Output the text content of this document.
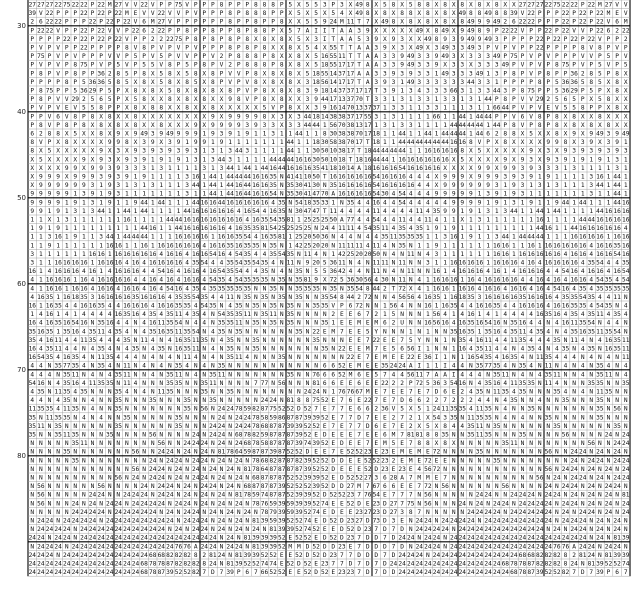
27 27 27 22 75 22 22 P 22 M 27 V V 22 V P P 75 V P P P 8 P P P 8 8 8 P 5 X 5 5 3 P 3 X 49 8 X 5 8 X 5 8 8 X 8 X 8 X 8 X 8 X X 27 27 27 22 75 22 22 P 22 M 27 V V
39 V 22 P P P 22 P 22 P 22 M E V V 22 V V P V P P P 8 P 8 8 8 P P X 5 X 5 X 5 4 X 49 8 X 8 X 8 8 X 8 X 8 X 49 8 8 49 8 8 39 V 22 P P P 22 P 22 P 22 M E V
2 6 22 22 P P P 22 P 22 P 22 V 6 M 27 V P P P P P P 8 P P 8 P P 8 X X 5 5 9 24 M 11 T 7 X 49 8 X 8 X 8 X 8 X 8 49 9 9 49 2 6 22 22 P P P 22 P 22 P 22 V 6 M
P 22 22 V P P 22 P 22 V V P 22 6 2 22 P P 8 P P 8 P P 8 P 8 8 P X 5 7 A I I T A A 3 9 X X X X X 49 X 8 49 X 9 49 8 9 P 22 22 V P P 22 P 22 V V P 22 6 2 22
P P P P 22 P 22 P 22 P 22 V P P 2 2 22 75 P 8 P 8 P 8 P 8 X 8 X 8 X 5 X 3 I T A A 5 3 9 X 9 3 X X 49 8 9 3 9 49 9 49 3 P P P P 22 P 22 P 22 P 22 V P P 2
P V P V P P 22 P P P P 8 V 8 P V P V P V P P P 8 P 8 P 8 X X 8 X 5 4 X 55 T T A A 3 9 X 3 X 49 X 3 49 3 3 49 3 P V P V P P 22 P P P P 8 V 8 P V P
P 75 P V P V P P P V V P 5 P V 5 P V V P P V 2 P 8 8 8 P 8 X X 8 X 5 16 55 11 T T A A 3 3 9 49 3 3 9 49 3 X 3 3 3 49 P 75 P V P V P P P V V P 5 P V
P V P V P 8 75 P V P 5 V P 5 5 V 8 P 5 P 8 P V 2 P 8 8 8 P 8 X 8 X 5 18 55 17 17 T A A 3 3 9 49 3 3 9 X 3 3 X 3 3 3 49 P V P V P 8 75 P V P 5 V P 5
P 8 P V P 8 P P 36 2 8 5 P 8 X 5 8 X 5 8 X 8 P V V P 8 X 8 X 8 X 5 18 55 14 37 17 A A 3 3 9 3 9 3 3 1 49 3 3 3 49 1 3 P 8 P V P 8 P P 36 2 8 5 P 8 X
P P P P 8 P 5 36 36 5 8 5 X 8 X 5 8 X 8 5 X 8 P V P V 8 X 8 X 8 X 3 18 56 14 17 17 T A 3 9 3 1 49 3 3 3 3 3 3 44 3 3 1 P P P P 8 P 5 36 36 5 8 5 X 8 X
P 8 75 P P 5 36 29 P 5 P X 8 X 8 X 5 8 X 8 X 8 X 8 P V P 8 X 8 X 8 3 9 18 14 37 37 17 17 T 3 9 1 3 4 3 3 3 66 3 1 3 3 44 3 P 8 75 P P 5 36 29 P 5 P X 8 X
P 8 P V V 29 2 5 6 5 P X 5 8 X X 8 X 8 X 8 X X 9 8 V P 8 X 8 X X 3 9 44 17 13 37 70 T 3 3 1 3 1 3 3 1 3 3 1 3 1 44 P 8 P V V 29 2 5 6 5 P X 5 8 X X
P V P V E V 5 5 8 P P X 8 X 8 8 X X 8 X X 8 X X X X X 5 V P 8 X X 3 9 16 14 70 13 37 37 1 3 3 1 1 3 3 1 1 1 3 1 1 66 44 P V P V E V 5 5 8 P P X 8 X
P P V 6 V 8 P 8 X 8 X X 8 X X X X X X X X 9 X 9 9 9 9 8 X 3 X 3 44 18 14 38 38 37 17 55 3 1 3 1 1 1 1 66 1 1 44 1 44 44 P P V 6 V 8 P 8 X 8 X X 8 X X X
P 8 V P 8 P 8 X 8 X 8 X 8 X X 8 X X X 9 X 9 9 9 9 3 9 3 3 X 3 3 44 44 1 56 70 38 13 17 1 3 1 3 3 1 1 1 1 44 44 44 44 1 44 P 8 V P 8 P 8 X 8 X 8 X 8 X X
6 2 8 8 X 5 X X 8 X 9 X 9 49 3 9 49 9 9 9 1 9 3 9 1 9 1 1 3 1 1 44 1 1 8 30 38 38 70 17 18 1 1 44 1 1 44 1 44 44 44 1 44 6 2 8 8 X 5 X X 8 X 9 X 9 49 3 9 49
8 V P X 8 X X X X 9 9 8 X 3 9 X 3 9 1 9 9 1 9 1 1 1 1 1 1 1 44 1 1 18 30 58 38 70 17 T 18 1 1 44 44 44 44 44 44 16 16 8 V P X 8 X X X X 9 9 8 X 3 9 X 3 9 1
8 X 5 X X X X X 9 X 3 X 9 3 9 3 9 3 9 3 1 3 1 3 44 3 1 1 1 1 44 1 1 30 50 10 38 17 T 18 44 44 44 44 1 1 16 16 16 16 8 X 5 X X X X X 9 X 3 X 9 3 9 3 9 3 9 3
X 5 X X X X 9 X 9 3 X 9 3 9 1 9 1 9 1 3 1 3 44 3 1 1 1 1 44 44 44 16 16 30 50 10 18 T 18 16 44 44 1 16 16 16 16 16 16 X 5 X X X X 9 X 9 3 X 9 3 9 1 9 1 9 1 3 1
X X X X 9 9 X 9 9 3 9 3 3 3 1 3 1 1 1 1 3 1 3 44 1 44 1 44 16 44 16 16 16 35 41 18 10 14 A 18 16 16 16 54 16 16 16 16 X X X X 9 9 X 9 9 3 9 3 3 3 1 3 1 1 1 1 3 1
X 9 9 9 X 9 9 9 3 9 3 9 1 9 1 1 1 1 3 16 1 44 1 44 44 44 16 16 35 N 41 41 10 50 T 16 16 16 16 16 54 16 16 16 4 4 4 X 9 9 9 X 9 9 9 3 9 3 9 1 9 1 1 1 1 3 16 1 44 1
X 9 9 9 9 9 9 3 1 9 3 1 3 1 3 1 1 1 3 44 1 44 1 44 16 44 16 16 35 N 35 30 41 30 N 35 16 16 16 16 54 16 16 16 16 4 4 X 9 9 9 9 9 9 3 1 9 3 1 3 1 3 1 1 1 3 44 1 44 1
9 9 9 9 9 1 3 9 1 9 3 1 1 1 1 1 1 1 3 1 1 44 1 44 16 44 16 16 54 N 35 30 41 47 70 A 16 16 16 16 54 30 4 54 4 4 4 9 9 9 9 9 1 3 9 1 9 3 1 1 1 1 1 1 1 3 1 1 44 1
9 9 9 9 1 9 1 3 1 9 1 1 9 44 1 44 1 1 1 44 16 16 44 16 16 16 16 16 4 35 N 54 18 35 33 1 N 35 4 4 16 4 4 54 4 4 4 4 4 9 9 9 9 1 9 1 3 1 9 1 1 9 44 1 44 1 1 1 44 16
9 9 1 9 1 3 1 3 44 1 1 44 1 44 1 1 1 1 44 16 16 16 16 16 4 16 54 4 16 35 N 30 47 47 T 11 4 4 4 4 11 4 4 4 4 11 4 35 9 9 1 9 1 3 1 3 44 1 1 44 1 44 1 1 1 1 44 16 16 16
1 1 X 1 3 1 1 1 1 1 1 16 1 1 1 1 44 44 16 16 16 16 16 16 16 4 16 35 54 35 81 1 25 25 25 50 A 77 4 4 54 4 4 11 4 4 11 4 1 1 X 1 3 1 1 1 1 1 1 16 1 1 1 1 44 44 16 16 16 16
1 9 1 9 1 1 1 1 1 1 1 1 1 44 16 1 1 44 16 16 16 16 16 4 16 35 35 81 54 25 25 25 25 N 24 4 11 11 4 54 35 11 4 35 4 35 1 9 1 9 1 1 1 1 1 1 1 1 1 44 16 1 1 44 16 16 16 16 16 4
1 1 3 16 1 9 1 1 3 44 1 44 44 44 1 1 1 16 16 16 16 1 16 16 35 54 4 16 35 81 1 25 20 50 36 N 4 4 N 4 4 35 11 35 35 35 1 1 3 16 1 9 1 1 3 44 1 44 44 44 1 1 1 16 16 16 16 1 16 16
1 1 9 1 1 1 1 1 1 16 16 1 1 16 1 16 16 16 16 16 4 16 16 35 16 35 35 N 35 N 1 42 25 20 20 N 11 11 11 4 11 4 N 35 N 1 1 9 1 1 1 1 1 1 16 16 1 1 16 1 16 16 16 16 16 4 16 16 35 16
3 1 1 1 1 1 1 16 16 1 16 16 16 16 16 4 16 16 4 16 16 54 16 4 54 35 4 4 35 54 35 N 11 4 N 1 42 25 20 20 50 N 4 N 11 N 4 3 1 1 1 1 1 1 16 16 1 16 16 16 16 16 4 16 16 4 16 16 54 16
3 1 1 16 16 16 16 1 16 16 16 4 16 4 16 16 16 16 4 35 54 4 4 35 54 35 54 35 4 N 11 N 9 20 5 36 11 N 4 N 11 11 N 11 N N 3 1 1 16 16 16 16 1 16 16 16 4 16 4 16 16 16 16 4 35 54 4 4 35
16 1 4 16 16 16 4 16 1 4 16 16 16 4 4 54 16 4 16 16 4 16 54 35 54 4 4 35 N 4 N 35 N 5 5 36 42 4 4 N 11 N 4 N 11 N N 16 1 4 16 16 16 4 16 1 4 16 16 16 4 4 54 16 4 16 16 4 16 54
4 1 16 16 16 1 16 4 16 16 16 16 4 4 16 4 16 4 16 16 4 54 35 4 54 35 35 35 N 35 N 35 81 9 X 72 5 36 30 56 4 30 N 11 N 4 1 16 16 16 1 16 4 16 16 16 16 4 4 16 4 16 4 16 16 4 54 35 4 54
4 1 16 16 1 16 16 4 16 16 4 16 16 4 16 4 54 16 4 35 4 35 35 35 35 35 N N 35 N N 35 35 35 N 35 N 35 54 8 44 2 T 72 X 4 1 16 16 1 16 16 4 16 16 4 16 16 4 16 4 54 16 4 35 4 35 35 35 35
4 16 35 1 16 18 35 3 16 16 16 16 35 16 16 16 4 35 35 54 35 4 4 11 N 35 N 35 N 35 N 35 N N 35 54 8 44 2 72 N N 4 56 56 4 16 35 1 16 18 35 3 16 16 16 16 35 16 16 16 4 35 35 54 35 4 4 11 N
16 1 16 35 4 4 16 16 35 4 4 16 16 16 4 16 16 35 35 4 54 35 N 4 35 N 35 N 35 N 35 N N 35 35 V P 6 72 N N 1 56 4 N N 16 1 16 35 4 4 16 16 35 4 4 16 16 16 4 16 16 35 35 4 54 35 N 4
1 4 16 1 4 1 4 4 4 4 16 35 16 4 35 4 35 11 4 35 4 N 54 35 35 11 N 35 11 N 35 N N N N 2 E E 6 7 2 1 5 N N N 1 56 4 1 4 16 1 4 1 4 4 4 4 16 35 16 4 35 4 35 11 4 35 4
16 4 16 35 16 54 16 N 35 16 4 4 N 4 16 11 35 54 N 4 4 N 35 35 11 N 35 N 35 N 35 N N N 35 1 E E M E M 6 2 U N N 16 56 16 4 16 35 16 54 16 N 35 16 4 4 N 4 16 11 35 54 N 4 4 N
35 16 35 1 35 16 4 35 11 4 35 4 N 4 35 16 35 11 35 54 N 4 35 N 35 N N N N N N 35 N 22 E M 7 E E 5 Y N N N 1 N 1 N N 35 16 35 1 35 16 4 35 11 4 35 4 N 4 35 16 35 11 35 54 N
35 4 16 11 4 4 11 35 4 4 4 35 N 11 4 N 4 16 35 11 35 N 4 35 N N 35 N N N N N N 35 N N N E E 7 22 E E 7 5 Y N N 1 N 35 4 16 11 4 4 11 35 4 4 4 35 N 11 4 N 4 16 35 11
16 4 35 11 4 4 N 4 35 4 N 4 35 N 4 35 N 16 35 11 N 4 N 35 N N 35 N N N N N N N 35 N 22 E E M 7 E 5 6 56 I 1 N N 1 16 4 35 11 4 4 N 4 35 4 N 4 35 N 4 35 N 16 35 11
16 54 35 4 16 35 4 N 11 35 4 4 4 N 4 N 4 N 11 4 N 4 N 35 11 4 N N N 35 N N N N N N N 22 E 7 E M E E 22 E 36 I 1 N 1 16 54 35 4 16 35 4 N 11 35 4 4 4 N 4 N 4 N 11
4 4 N 35 77 35 4 N 35 4 N 11 N 4 N 4 N 35 4 N 4 N 35 N N N N N N N N N N N 6 6 52 E M E E 35 24 24 A I 1 1 I 4 4 N 35 77 35 4 N 35 4 N 11 N 4 N 4 N 35 4 N 4
4 4 4 N 35 11 N 4 N 4 35 11 N N 4 N 35 11 N 4 N 35 11 N N N N N N N 35 N N 76 6 6 52 M 6 E 5 7 4 4 56 11 7 A A I 4 4 4 N 35 11 N 4 N 4 35 11 N N 4 N 35 11 N 4
54 16 N 4 35 16 4 11 35 35 N 11 4 N N N 35 35 N N 35 11 N N N N 7 77 N 56 N N N 81 6 6 E E 6 E E 22 2 2 P 72 5 36 3 54 16 N 4 35 16 4 11 35 35 N 11 4 N N N 35 35 N N 35
4 35 N 11 35 4 35 N N N 35 4 N 4 N 11 35 N N N 35 N N 35 N N N N N N N N 24 24 N 1 76 76 67 M E 7 E E 7 E 7 D 6 E 2 4 35 N 11 35 4 35 N N N 35 4 N 4 N 11 35 N N
4 4 N 4 35 N N 4 N N 35 N N N 35 N N N 35 N N 35 N N N N N 24 24 N 81 8 8 75 52 E 7 6 E 22 7 E 7 D 6 6 2 2 7 2 2 2 4 4 N 4 35 N N 4 N N 35 N N N 35 N N N
11 35 35 4 11 35 N 4 N N 35 N N N N N N N 35 N 56 N 24 24 78 59 82 87 75 52 52 D 52 7 E 7 7 E 6 6 2 36 V 5 X 5 1 24 11 35 35 4 11 35 N 4 N N 35 N N N N N N N 35 N 56 N
35 N 11 35 35 N 4 N 4 N N 35 N N N N N 35 N N N N 24 N 24 24 78 58 59 86 87 87 39 39 52 E 7 7 D 7 E E 2 7 2 1 X 54 3 35 N 11 35 35 N 4 N 4 N N 35 N N N N N 35 N N N
35 11 N 35 N N N N N N 35 N N N N N N 35 N N N 24 24 N 24 24 78 68 87 87 39 39 52 52 E 7 E 7 7 D 6 E 7 E 2 X 5 X 8 4 4 35 11 N 35 N N N N N N 35 N N N N N N 35 N
35 N N 35 11 35 N N N 35 N N N N 56 N N N N 24 N 24 24 N 68 78 82 59 87 87 87 39 52 E D E E E 7 E E 6 M 7 81 81 8 8 35 N N 35 11 35 N N N 35 N N N N 56 N N N N 24 N 24
N N N N N 35 11 N N N N N N N N 56 N N 24 24 24 N 24 N 24 68 78 58 87 87 87 39 74 39 52 E D E E 7 E M 5 E 7 8 8 X 8 X N N N N N 35 11 N N N N N N N N 56 N N 24 24
N N N N 35 N N N N N N N 56 N N 24 24 N 24 N 24 N 81 78 64 59 87 87 39 87 52 52 D E E 7 E 52 52 23 E 23 E M E M E 72 N N N N 35 N N N N N N N 56 N N 24 24 N 24 N 24 N
N N N N N 35 N N N N N N N N 24 N 24 24 N 24 24 N 24 N 24 N 78 68 82 87 87 82 39 52 52 D D E E 52 52 23 2 E M E 72 E E N N N N N 35 N N N N N N N N 24 N 24 24 N 24 24
N N N N N N N N N N N N 56 N 24 24 N 24 N 24 N 24 N 24 N 81 78 64 87 87 87 87 39 52 52 D E E E 52 D 23 E 23 E 4 56 72 N N N N N N N N N N N N 56 N 24 24 N 24 N 24 N 24
N N N N N N N N N N 56 N 24 N 24 24 N 24 N 24 24 N 24 N 24 N 68 87 87 87 52 52 39 39 52 E D 52 52 27 3 6 28 A 7 M M E 7 N N N N N N N N N N 56 N 24 N 24 24 N 24 N 24 24
N 56 N N N N N N 56 N N N N 24 N 24 24 N 24 N 24 24 N 24 N 68 87 87 87 39 52 52 52 39 52 D D 27 M 7 67 6 6 E E 7 72 N 56 N N N N N N 56 N N N N 24 N 24 24 N 24 N 24 24 N
N 56 N N N N N 24 24 N N 24 24 24 N 24 24 N 24 N 24 N 24 N 81 78 59 74 87 87 52 39 39 52 D 52 52 23 7 76 54 E 7 7 7 N 56 N N N N N 24 24 N N 24 24 24 N 24 24 N 24 N 24 N 24 N 81
N 56 N N N 24 N 24 N 24 24 N 24 24 24 24 N 24 24 N 24 N 24 N 24 N 78 76 59 39 59 39 39 52 74 E E 52 D E 23 D 27 7 75 N 56 N N N 24 N 24 N 24 24 N 24 24 24 24 N 24 24 N 24 N 24 N 24
N N N N N 24 24 24 24 N 24 24 24 24 24 N 24 N 24 24 N 24 N 24 N 24 N 78 79 39 59 39 52 74 E D E E 23 27 23 D 27 3 8 7 N N N N N 24 24 24 24 N 24 24 24 24 24 N 24 N 24 24 N 24 N 24
N 24 24 N 24 24 24 24 N 24 24 24 24 24 24 24 24 N 24 24 24 N 24 N 24 N 81 39 59 39 52 52 74 E D 52 D 23 27 D 73 D 3 E N 24 24 N 24 24 24 24 N 24 24 24 24 24 24 24 24 N 24 24 24 N 24 N 24 N
N 24 24 24 24 N 24 24 24 24 24 24 24 24 24 24 N 24 N 24 24 N 24 N 24 N 24 N 81 39 39 52 74 52 E E D 52 D 23 7 D 7 D N 24 24 24 24 N 24 24 24 24 24 24 24 24 24 24 N 24 N 24 24 N 24 N 24 N
24 24 N 24 24 N 24 24 24 24 24 24 24 24 24 24 24 24 24 24 24 24 N 24 N 81 39 39 39 52 E 52 52 E D 52 D 23 7 D D 7 D 24 24 N 24 24 N 24 24 24 24 24 24 24 24 24 24 24 24 24 24 24 24 N 24 N 81 39
N 24 24 24 N 24 24 24 24 24 24 24 24 24 24 24 24 76 76 A 24 24 N 24 24 N 81 39 39 52 M M D 52 D D 23 E 7 D D D 7 D N 24 24 24 N 24 24 24 24 24 24 24 24 24 24 24 24 76 76 A 24 24 N 24 24 N
24 24 24 N 24 24 24 24 24 24 24 24 24 24 68 68 82 82 82 8 2 81 24 N 81 39 39 52 52 E E 52 D 52 D 23 7 7 D D D 7 D 24 24 24 N 24 24 24 24 24 24 24 24 24 24 68 68 82 82 82 8 2 81 24 N 81 39 39
24 24 24 24 24 24 24 24 24 24 24 24 24 68 78 78 87 82 82 82 8 24 N 81 39 52 52 74 74 E 52 D 52 E 23 7 7 D 7 D 7 D 24 24 24 24 24 24 24 24 24 24 24 24 24 68 78 78 87 82 82 82 8 24 N 81 39 52 52 74
24 24 24 24 24 24 24 24 24 24 24 24 24 68 78 87 39 52 52 82 7 D 7 39 P 6 7 66 52 52 E E 52 D 52 E 23 23 7 D 7 D D 24 24 24 24 24 24 24 24 24 24 24 24 24 68 78 87 39 52 52 82 7 D 7 39 P 6 7
30
40
50
60
70
80
